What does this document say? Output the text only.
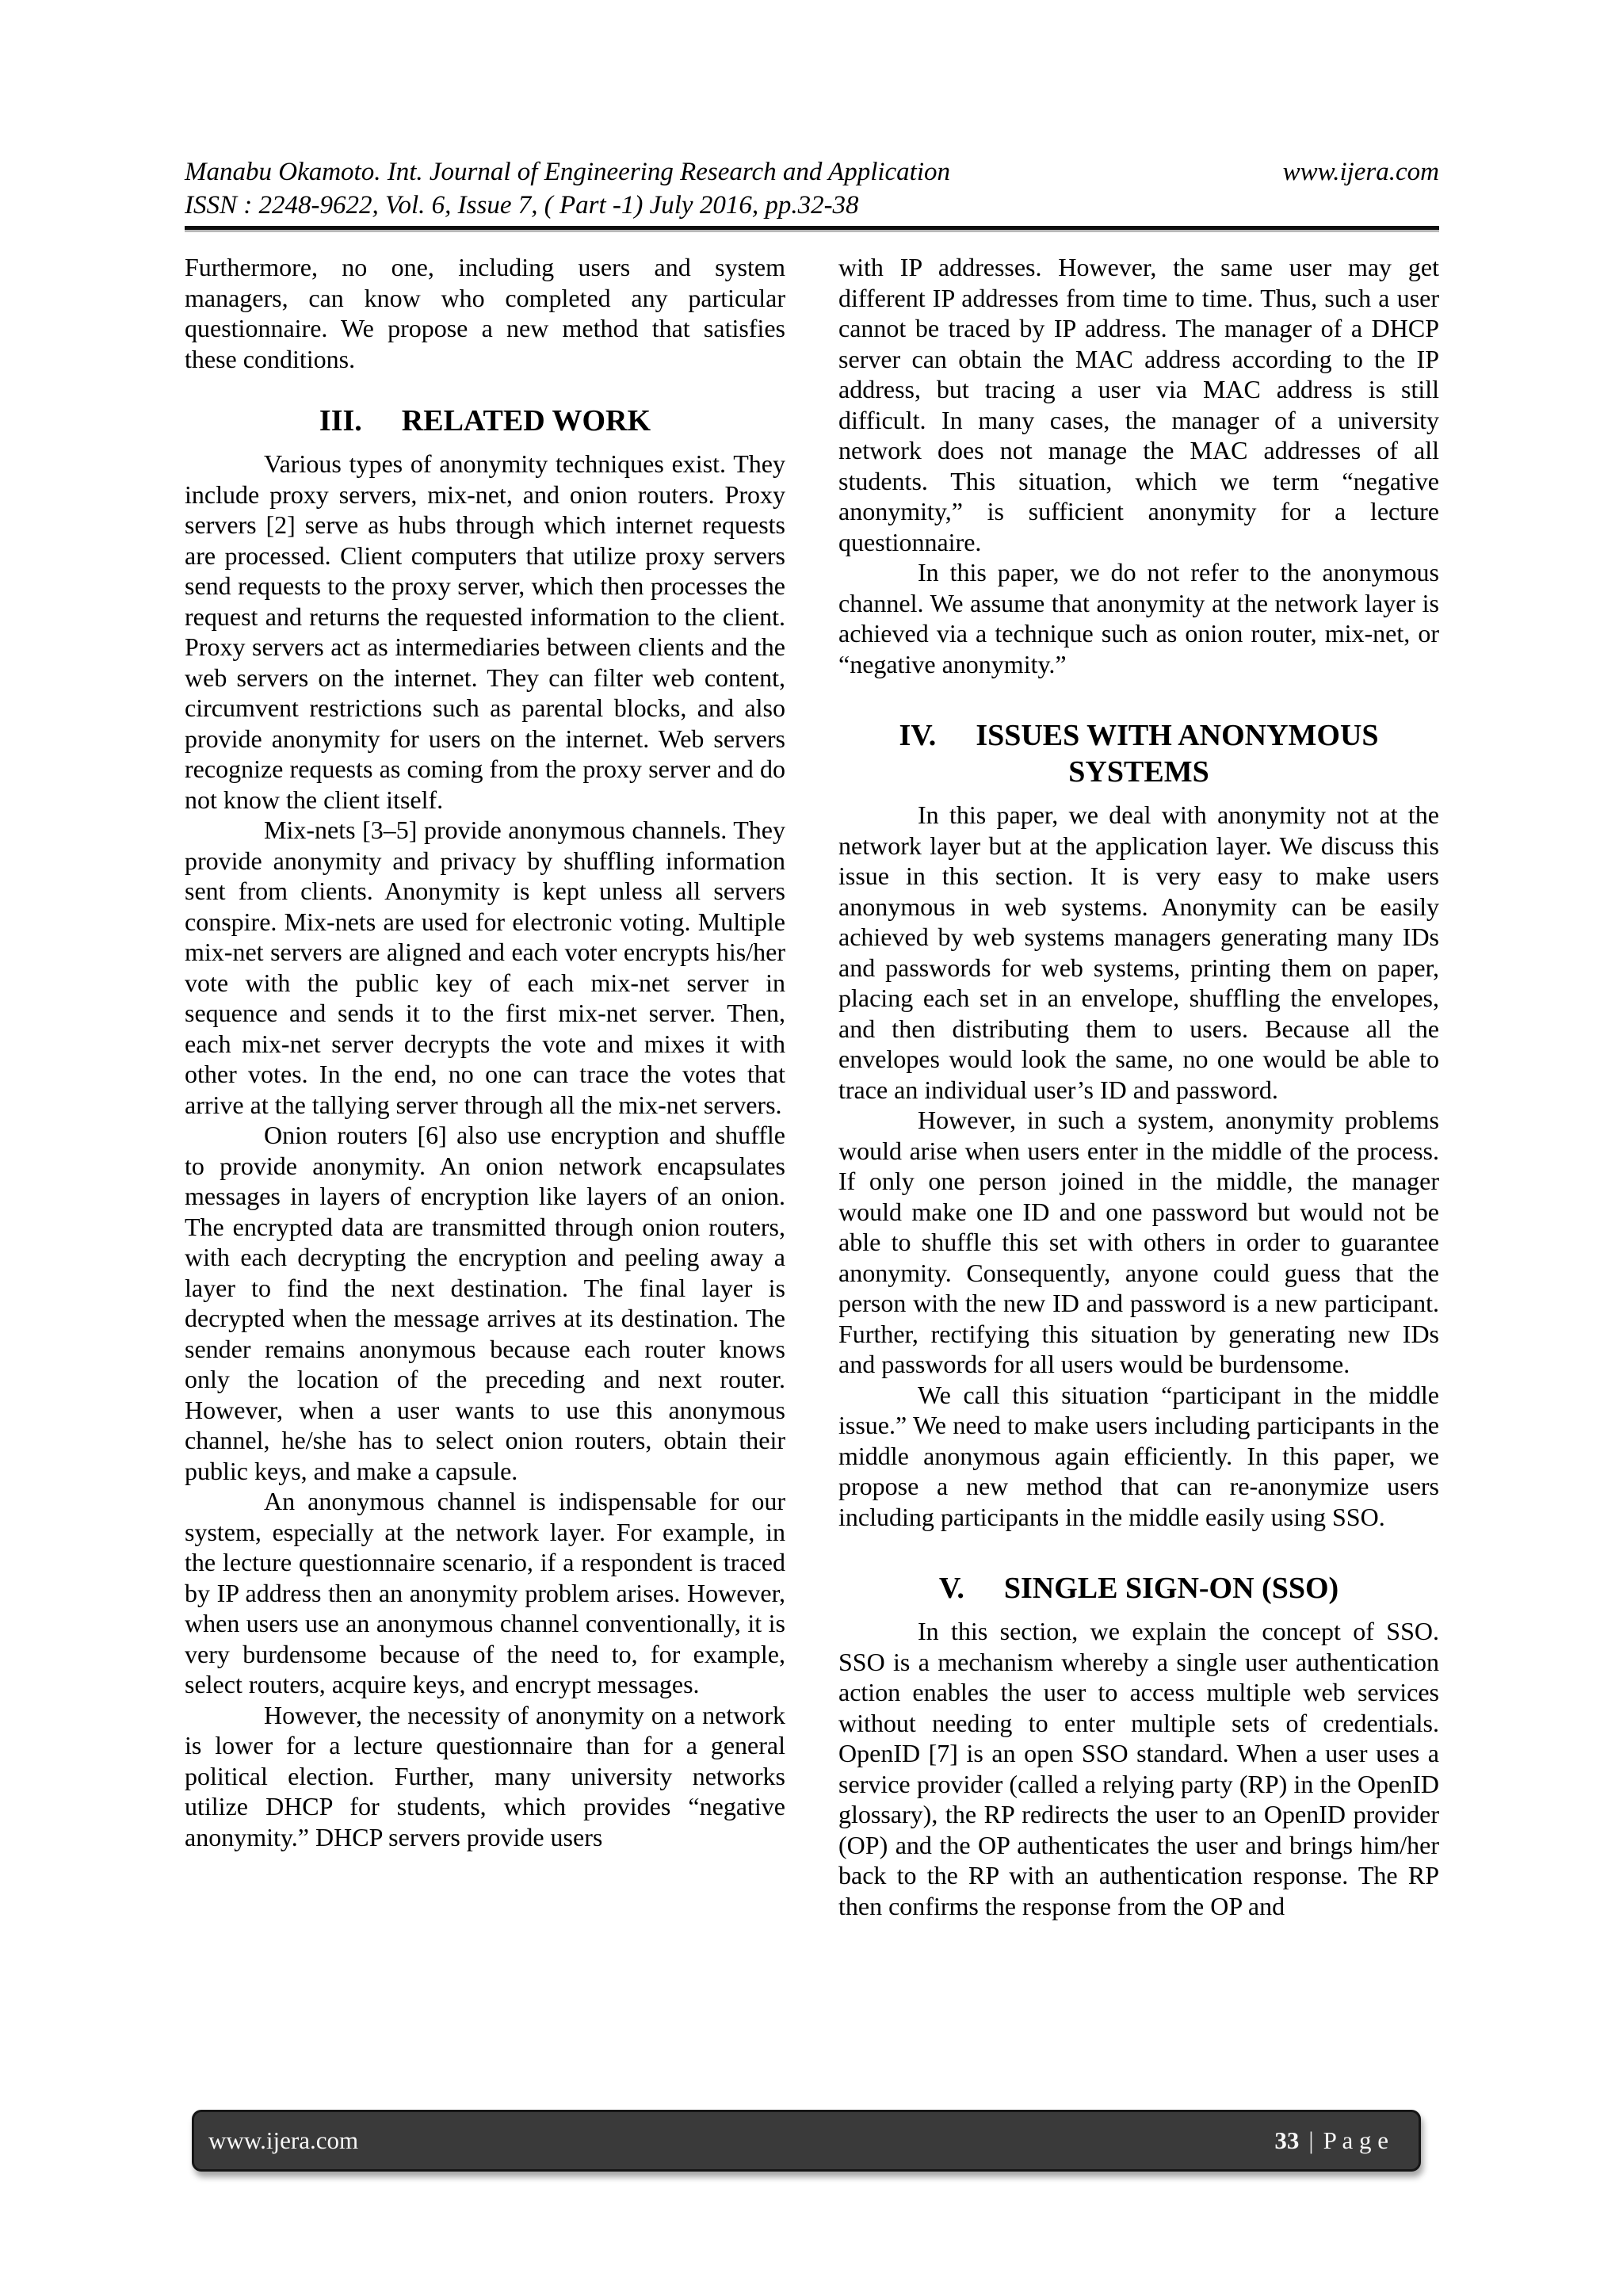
Manabu Okamoto. Int. Journal of Engineering Research and Application	www.ijera.com
ISSN : 2248-9622, Vol. 6, Issue 7, ( Part -1) July 2016, pp.32-38

Furthermore, no one, including users and system managers, can know who completed any particular questionnaire. We propose a new method that satisfies these conditions.

III. RELATED WORK

Various types of anonymity techniques exist. They include proxy servers, mix-net, and onion routers. Proxy servers [2] serve as hubs through which internet requests are processed. Client computers that utilize proxy servers send requests to the proxy server, which then processes the request and returns the requested information to the client. Proxy servers act as intermediaries between clients and the web servers on the internet. They can filter web content, circumvent restrictions such as parental blocks, and also provide anonymity for users on the internet. Web servers recognize requests as coming from the proxy server and do not know the client itself.

Mix-nets [3–5] provide anonymous channels. They provide anonymity and privacy by shuffling information sent from clients. Anonymity is kept unless all servers conspire. Mix-nets are used for electronic voting. Multiple mix-net servers are aligned and each voter encrypts his/her vote with the public key of each mix-net server in sequence and sends it to the first mix-net server. Then, each mix-net server decrypts the vote and mixes it with other votes. In the end, no one can trace the votes that arrive at the tallying server through all the mix-net servers.

Onion routers [6] also use encryption and shuffle to provide anonymity. An onion network encapsulates messages in layers of encryption like layers of an onion. The encrypted data are transmitted through onion routers, with each decrypting the encryption and peeling away a layer to find the next destination. The final layer is decrypted when the message arrives at its destination. The sender remains anonymous because each router knows only the location of the preceding and next router. However, when a user wants to use this anonymous channel, he/she has to select onion routers, obtain their public keys, and make a capsule.

An anonymous channel is indispensable for our system, especially at the network layer. For example, in the lecture questionnaire scenario, if a respondent is traced by IP address then an anonymity problem arises. However, when users use an anonymous channel conventionally, it is very burdensome because of the need to, for example, select routers, acquire keys, and encrypt messages.

However, the necessity of anonymity on a network is lower for a lecture questionnaire than for a general political election. Further, many university networks utilize DHCP for students, which provides “negative anonymity.” DHCP servers provide users

with IP addresses. However, the same user may get different IP addresses from time to time. Thus, such a user cannot be traced by IP address. The manager of a DHCP server can obtain the MAC address according to the IP address, but tracing a user via MAC address is still difficult. In many cases, the manager of a university network does not manage the MAC addresses of all students. This situation, which we term “negative anonymity,” is sufficient anonymity for a lecture questionnaire.

In this paper, we do not refer to the anonymous channel. We assume that anonymity at the network layer is achieved via a technique such as onion router, mix-net, or “negative anonymity.”

IV. ISSUES WITH ANONYMOUS
SYSTEMS

In this paper, we deal with anonymity not at the network layer but at the application layer. We discuss this issue in this section. It is very easy to make users anonymous in web systems. Anonymity can be easily achieved by web systems managers generating many IDs and passwords for web systems, printing them on paper, placing each set in an envelope, shuffling the envelopes, and then distributing them to users. Because all the envelopes would look the same, no one would be able to trace an individual user’s ID and password.

However, in such a system, anonymity problems would arise when users enter in the middle of the process. If only one person joined in the middle, the manager would make one ID and one password but would not be able to shuffle this set with others in order to guarantee anonymity. Consequently, anyone could guess that the person with the new ID and password is a new participant. Further, rectifying this situation by generating new IDs and passwords for all users would be burdensome.

We call this situation “participant in the middle issue.” We need to make users including participants in the middle anonymous again efficiently. In this paper, we propose a new method that can re-anonymize users including participants in the middle easily using SSO.

V. SINGLE SIGN-ON (SSO)

In this section, we explain the concept of SSO. SSO is a mechanism whereby a single user authentication action enables the user to access multiple web services without needing to enter multiple sets of credentials. OpenID [7] is an open SSO standard. When a user uses a service provider (called a relying party (RP) in the OpenID glossary), the RP redirects the user to an OpenID provider (OP) and the OP authenticates the user and brings him/her back to the RP with an authentication response. The RP then confirms the response from the OP and

www.ijera.com	33 | P a g e
